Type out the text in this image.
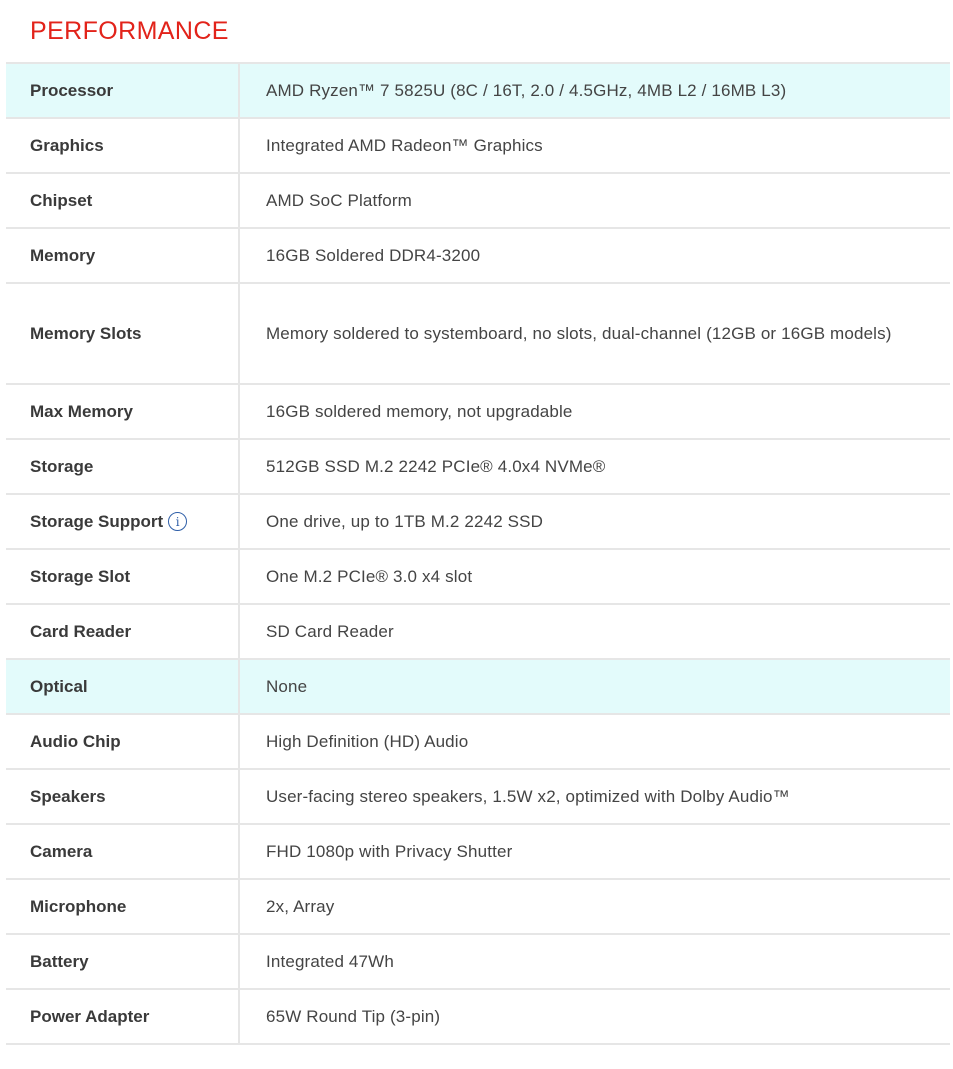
PERFORMANCE
Processor	AMD Ryzen™ 7 5825U (8C / 16T, 2.0 / 4.5GHz, 4MB L2 / 16MB L3)
Graphics	Integrated AMD Radeon™ Graphics
Chipset	AMD SoC Platform
Memory	16GB Soldered DDR4-3200
Memory Slots	Memory soldered to systemboard, no slots, dual-channel (12GB or 16GB models)
Max Memory	16GB soldered memory, not upgradable
Storage	512GB SSD M.2 2242 PCIe® 4.0x4 NVMe®
Storage Support	i	One drive, up to 1TB M.2 2242 SSD
Storage Slot	One M.2 PCIe® 3.0 x4 slot
Card Reader	SD Card Reader
Optical	None
Audio Chip	High Definition (HD) Audio
Speakers	User-facing stereo speakers, 1.5W x2, optimized with Dolby Audio™
Camera	FHD 1080p with Privacy Shutter
Microphone	2x, Array
Battery	Integrated 47Wh
Power Adapter	65W Round Tip (3-pin)
